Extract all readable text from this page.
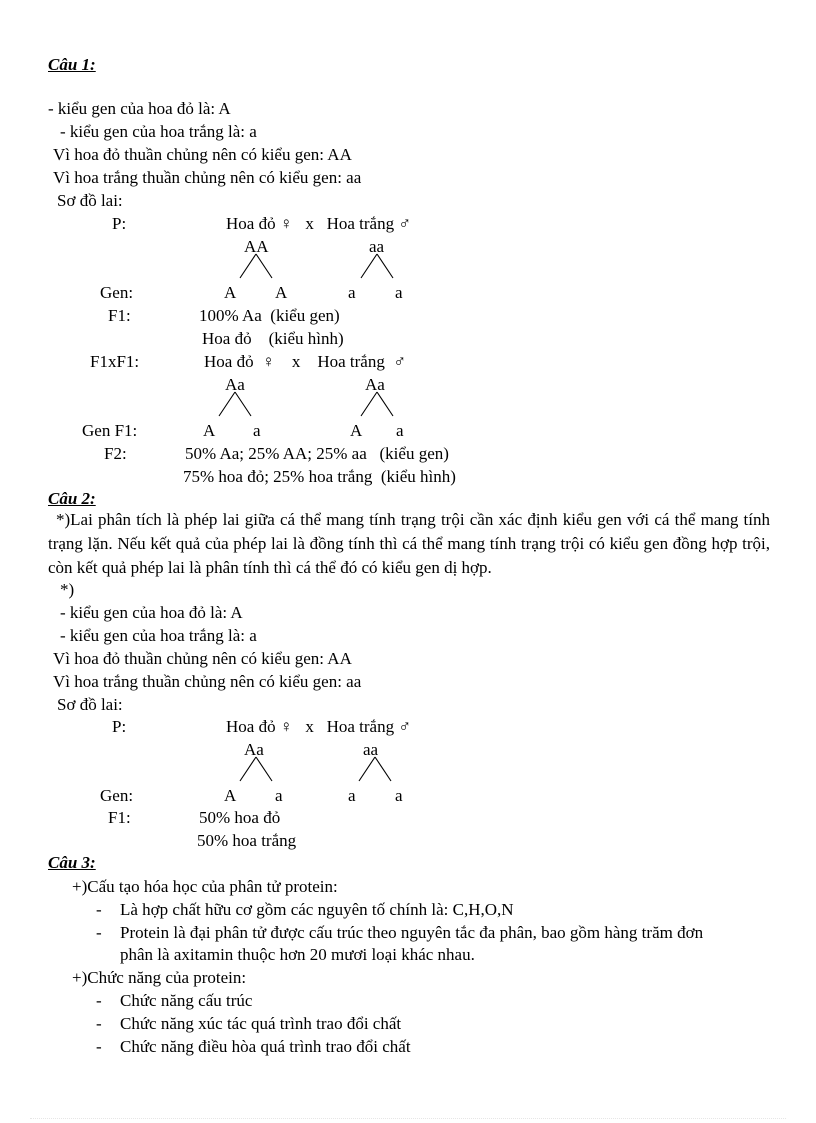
Câu 1:
- kiểu gen của hoa đỏ là: A
- kiểu gen của hoa trắng là: a
Vì hoa đỏ thuần chủng nên có kiểu gen: AA
Vì hoa trắng thuần chủng nên có kiểu gen: aa
Sơ đồ lai:
P:	Hoa đỏ ♀   x   Hoa trắng ♂
AA	aa
Gen:	A A	a a
F1:	100% Aa  (kiểu gen)
Hoa đỏ    (kiểu hình)
F1xF1:	Hoa đỏ  ♀    x    Hoa trắng  ♂
Aa	Aa
Gen F1:	A a	A a
F2:	50% Aa; 25% AA; 25% aa   (kiểu gen)
75% hoa đỏ; 25% hoa trắng  (kiểu hình)
Câu 2:
*)Lai phân tích là phép lai giữa cá thể mang tính trạng trội cần xác định kiểu gen với cá thể mang tính trạng lặn. Nếu kết quả của phép lai là đồng tính thì cá thể mang tính trạng trội có kiểu gen đồng hợp trội, còn kết quả phép lai là phân tính thì cá thể đó có kiểu gen dị hợp.
*)
- kiểu gen của hoa đỏ là: A
- kiểu gen của hoa trắng là: a
Vì hoa đỏ thuần chủng nên có kiểu gen: AA
Vì hoa trắng thuần chủng nên có kiểu gen: aa
Sơ đồ lai:
P:	Hoa đỏ ♀   x   Hoa trắng ♂
Aa	aa
Gen:	A a	a a
F1:	50% hoa đỏ
50% hoa trắng
Câu 3:
+)Cấu tạo hóa học của phân tử protein:
- Là hợp chất hữu cơ gồm các nguyên tố chính là: C,H,O,N
- Protein là đại phân tử được cấu trúc theo nguyên tắc đa phân, bao gồm hàng trăm đơn
phân là axitamin thuộc hơn 20 mươi loại khác nhau.
+)Chức năng của protein:
- Chức năng cấu trúc
- Chức năng xúc tác quá trình trao đổi chất
- Chức năng điều hòa quá trình trao đổi chất
